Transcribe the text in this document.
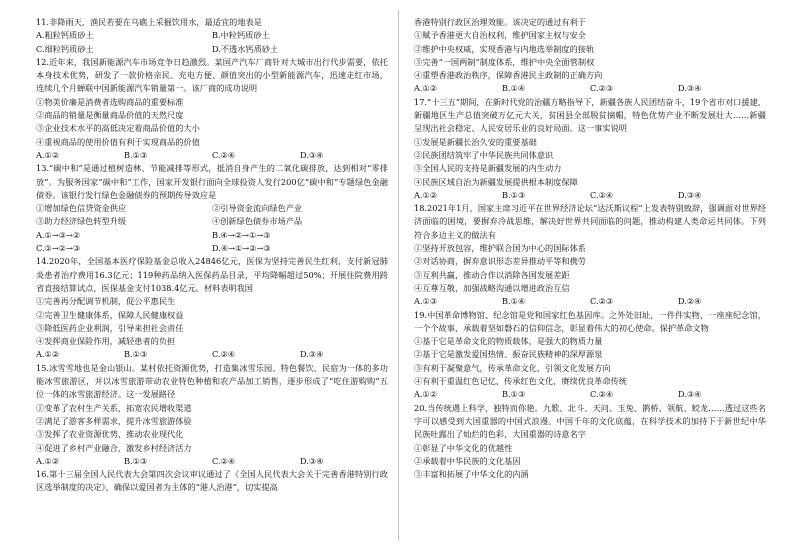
11.非降雨天，渔民若要在乌礁上采掘饮用水，最适宜的地表是
A.粗粒钙质砂土	B.中粒钙质砂土
C.细粒钙质砂土	D.不透水钙质砂土
12.近年来，我国新能源汽车市场竞争日趋激烈。某国产汽车厂商针对大城市出行代步需要，依托本身技术优势，研发了一款价格亲民、充电方便、颜值突出的小型新能源汽车，迅速走红市场，连续几个月蝉联中国新能源汽车销量第一。该厂商的成功说明
①物美价廉是消费者选购商品的重要标准
②商品的销量是衡量商品价值的天然尺度
③企业技术水平的高低决定着商品价值的大小
④重视商品的使用价值有利于实现商品的价值
A.①②	B.①③	C.②④	D.③④
13.“碳中和”是通过植树造林、节能减排等形式，抵消自身产生的二氧化碳排放，达到相对“零排放”。为服务国家“碳中和”工作，国家开发银行面向全球投资人发行200亿“碳中和”专题绿色金融债券。该银行发行绿色金融债券的预期传导效应是
①增加绿色信贷资金供应	②引导资金流向绿色产业
③助力经济绿色转型升级	④创新绿色债券市场产品
A.①→③→②	B.④→②→①→③
C.①→②→③	D.④→①→②→③
14.2020年，全国基本医疗保险基金总收入24846亿元，医保为坚持完善民生红利，支付新冠肺炎患者治疗费用16.3亿元；119种药品纳入医保药品目录，平均降幅超过50%；开展住院费用跨省直接结算试点，医保基金支付1038.4亿元。材料表明我国
①完善再分配调节机制，促公平惠民生
②完善卫生健康体系，保障人民健康权益
③降低医药企业利润，引导来担社会责任
④发挥商业保险作用，减轻患者的负担
A.①②	B.①③	C.②④	D.③④
15.冰雪雪地也是金山银山。某村依托资源优势，打造集冰雪乐园、特色餐饮、民宿为一体的多功能冰雪旅游区，并以冰雪旅游带动农业特色种植和农产品加工销售，逐步形成了“吃住游购购”五位一体的冰雪旅游经济。这一发展路径
①变革了农村生产关系，拓宽农民增收渠道
②满足了游客多样需求，提升冰雪旅游体验
③发挥了农业资源优势，推动农业现代化
④促进了乡村产业融合，激发乡村经济活力
A.①②	B.①③	C.②④	D.③④
16.第十三届全国人民代表大会第四次会议审议通过了《全国人民代表大会关于完善香港特别行政区选举制度的决定》，确保以爱国者为主体的“港人治港”，切实提高
香港特别行政区治理效能。该决定的通过有利于
①赋予香港更大自治权利，维护国家主权与安全
②维护中央权威，实现香港与内地选举制度的接轨
③完善“一国两制”制度体系，维护中央全面管制权
④重塑香港政治秩序，保障香港民主政制的正确方向
A.①②	B.①④	C.②③	D.③④
17.“十三五”期间，在新时代党的治疆方略指导下，新疆各族人民团结奋斗，19个省市对口援建，新疆地区生产总值突破万亿元大关，贫困县全部脱贫摘帽，特色优势产业不断发展壮大……新疆呈现出社会稳定、人民安居乐业的良好局面。这一事实说明
①发展是新疆长治久安的重要基础
②民族团结筑牢了中华民族共同体意识
③全国人民的支持是新疆发展的内生动力
④民族区域自治为新疆发展提供根本制度保障
A.①②	B.①③	C.②④	D.③④
18.2021年1月，国家主席习近平在世界经济论坛“达沃斯议程”上发表特别致辞，强调面对世界经济面临的困境，要摒弃冷战思维，解决好世界共同面临的问题，推动构建人类命运共同体。下列符合多边主义的做法有
①坚持开放包容，维护联合国为中心的国际体系
②对话协商，摒弃意识形态差异推动平等和携劳
③互利共赢，推动合作以消除各国发展差距
④互尊互敬，加强战略沟通以增进政治互信
A.①③	B.①④	C.②③	D.②④
19.中国革命博物馆、纪念馆是党和国家红色基因库。之外处旧址，一件件实物，一座座纪念馆，一个个故事，承载着坚如磐石的信仰信念，彰显着伟大的初心使命。保护革命文物
①基于它是革命文化的物质载体，是强大的物质力量
②基于它是激发爱国热情、振奋民族精神的深厚源泉
③有利于凝聚意气，传承革命文化，引领文化发展方向
④有利于重温红色记忆，传承红色文化，赓续优良革命传统
A.①②	B.①③	C.②④	D.③④
20.当传统遇上科学，独特而你艳。九歌、北斗、天问、玉兔、鹊桥、领航、蛟龙……透过这些名字可以感受到大国重器的中国式浪漫。中国千年的文化底蕴，在科学技术的加持下于新世纪中华民族吐露出了灿烂的色彩，大国重器的诗意名字
①彰显了中华文化的优越性
②承载着中华民族的文化基因
③丰富和拓展了中华文化的内涵
